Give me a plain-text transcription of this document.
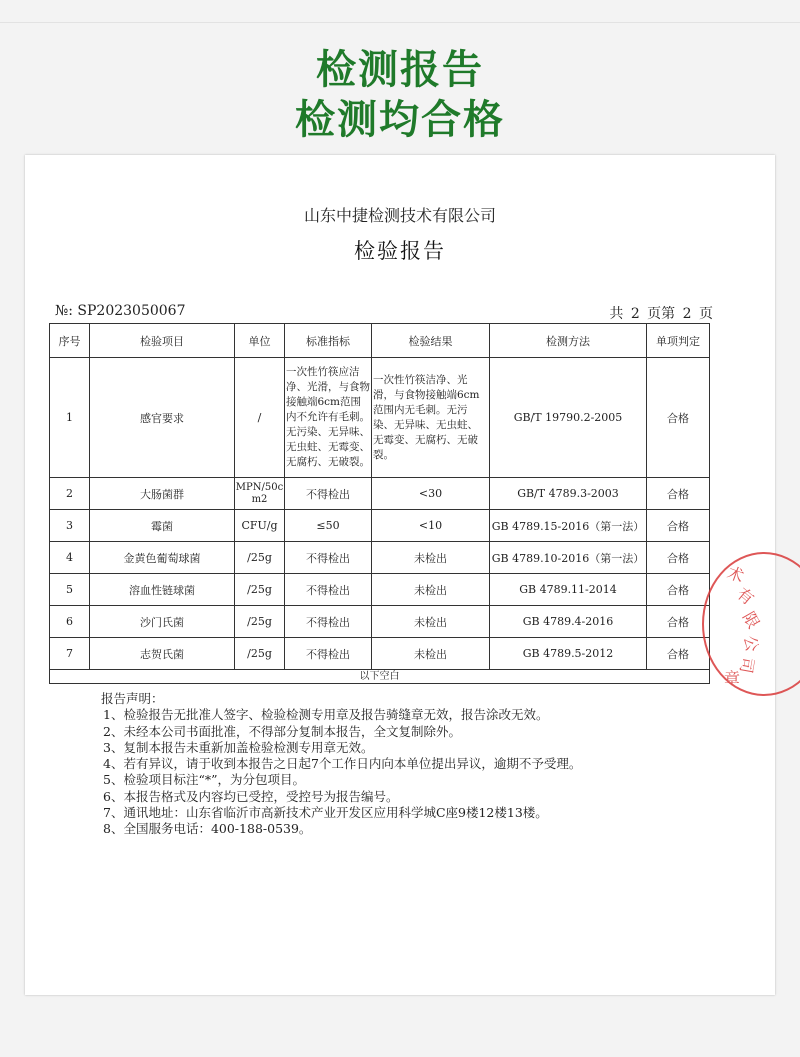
检测报告
检测均合格
山东中捷检测技术有限公司
检验报告
№: SP2023050067	共 2 页第 2 页
序号	检验项目	单位	标准指标	检验结果	检测方法	单项判定
1	感官要求	/	一次性竹筷应洁净、光滑，与食物接触端6cm范围内不允许有毛刺。无污染、无异味、无虫蛀、无霉变、无腐朽、无破裂。	一次性竹筷洁净、光滑，与食物接触端6cm范围内无毛刺。无污染、无异味、无虫蛀、无霉变、无腐朽、无破裂。	GB/T 19790.2-2005	合格
2	大肠菌群	MPN/50cm2	不得检出	<30	GB/T 4789.3-2003	合格
3	霉菌	CFU/g	≤50	<10	GB 4789.15-2016（第一法）	合格
4	金黄色葡萄球菌	/25g	不得检出	未检出	GB 4789.10-2016（第一法）	合格
5	溶血性链球菌	/25g	不得检出	未检出	GB 4789.11-2014	合格
6	沙门氏菌	/25g	不得检出	未检出	GB 4789.4-2016	合格
7	志贺氏菌	/25g	不得检出	未检出	GB 4789.5-2012	合格
以下空白						
报告声明：
1、检验报告无批准人签字、检验检测专用章及报告骑缝章无效，报告涂改无效。
2、未经本公司书面批准，不得部分复制本报告，全文复制除外。
3、复制本报告未重新加盖检验检测专用章无效。
4、若有异议，请于收到本报告之日起7个工作日内向本单位提出异议，逾期不予受理。
5、检验项目标注“*”，为分包项目。
6、本报告格式及内容均已受控，受控号为报告编号。
7、通讯地址：山东省临沂市高新技术产业开发区应用科学城C座9楼12楼13楼。
8、全国服务电话：400-188-0539。
术
有
限
公
司
章
